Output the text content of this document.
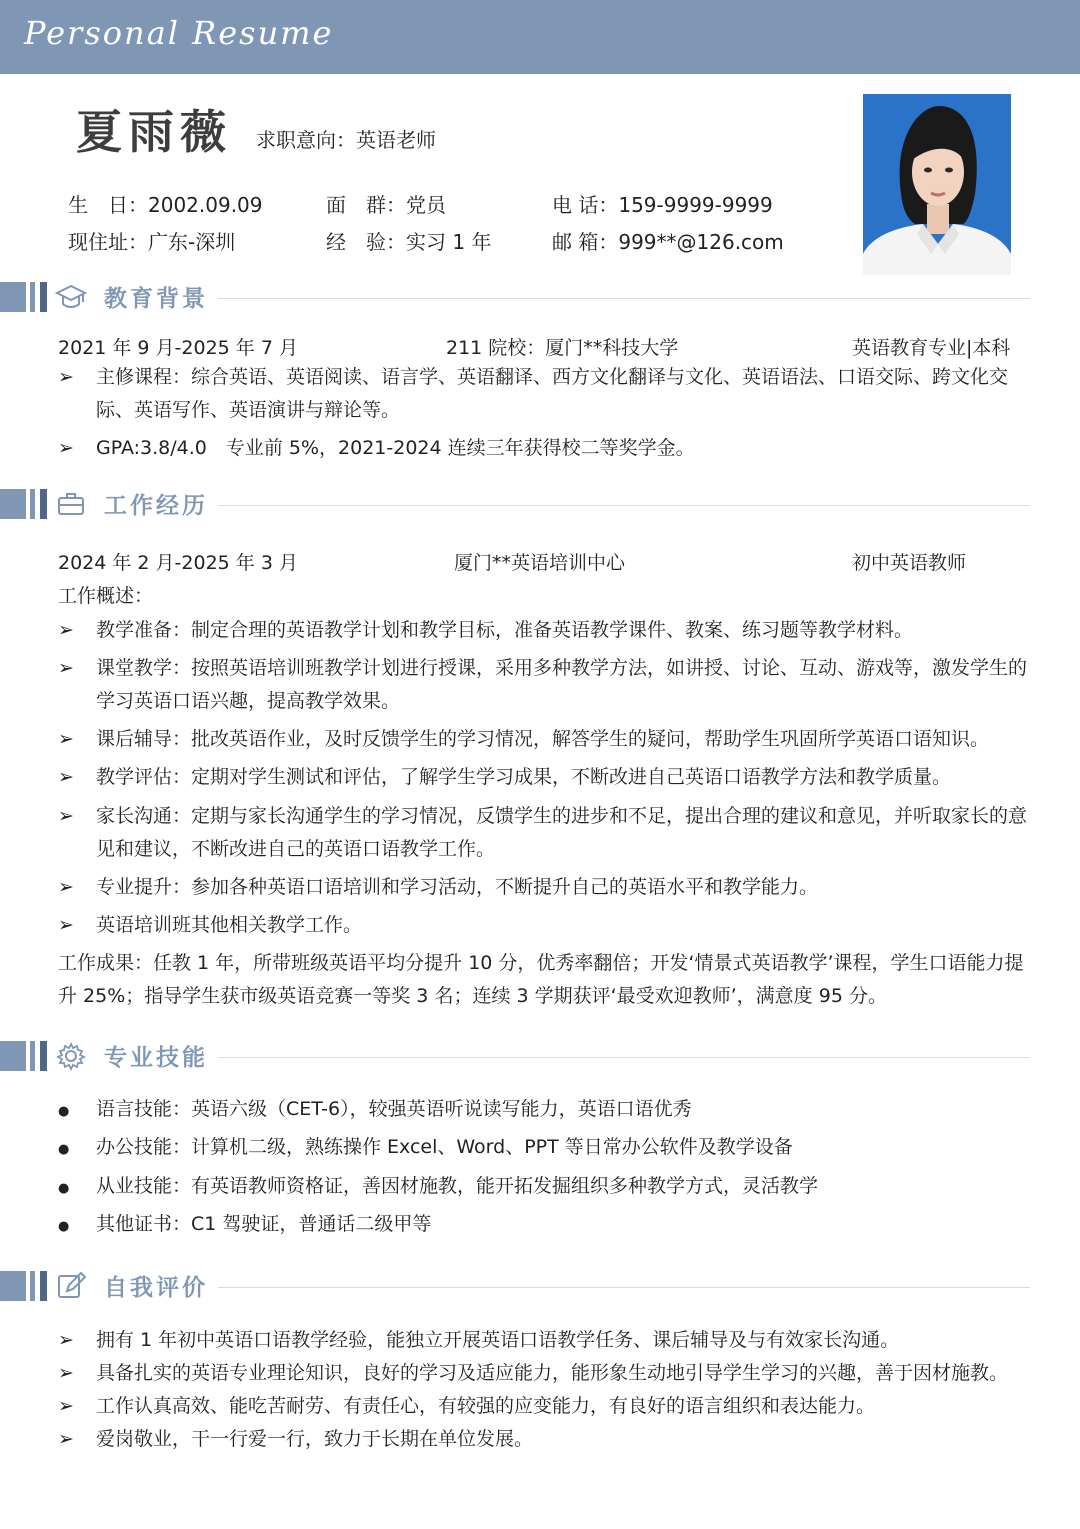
Personal Resume
夏雨薇 求职意向：英语老师
生　日：2002.09.09	面　群：党员	电 话：159-9999-9999
现住址：广东-深圳	经　验：实习 1 年	邮 箱：999**@126.com
教育背景
2021 年 9 月-2025 年 7 月	211 院校：厦门**科技大学	英语教育专业|本科
➢	主修课程：综合英语、英语阅读、语言学、英语翻译、西方文化翻译与文化、英语语法、口语交际、跨文化交际、英语写作、英语演讲与辩论等。
➢	GPA:3.8/4.0　专业前 5%，2021-2024 连续三年获得校二等奖学金。
工作经历
2024 年 2 月-2025 年 3 月	厦门**英语培训中心	初中英语教师
工作概述：
➢	教学准备：制定合理的英语教学计划和教学目标，准备英语教学课件、教案、练习题等教学材料。
➢	课堂教学：按照英语培训班教学计划进行授课，采用多种教学方法，如讲授、讨论、互动、游戏等，激发学生的学习英语口语兴趣，提高教学效果。
➢	课后辅导：批改英语作业，及时反馈学生的学习情况，解答学生的疑问，帮助学生巩固所学英语口语知识。
➢	教学评估：定期对学生测试和评估，了解学生学习成果，不断改进自己英语口语教学方法和教学质量。
➢	家长沟通：定期与家长沟通学生的学习情况，反馈学生的进步和不足，提出合理的建议和意见，并听取家长的意见和建议，不断改进自己的英语口语教学工作。
➢	专业提升：参加各种英语口语培训和学习活动，不断提升自己的英语水平和教学能力。
➢	英语培训班其他相关教学工作。
工作成果：任教 1 年，所带班级英语平均分提升 10 分，优秀率翻倍；开发‘情景式英语教学’课程，学生口语能力提升 25%；指导学生获市级英语竞赛一等奖 3 名；连续 3 学期获评‘最受欢迎教师’，满意度 95 分。
专业技能
●	语言技能：英语六级（CET-6），较强英语听说读写能力，英语口语优秀
●	办公技能：计算机二级，熟练操作 Excel、Word、PPT 等日常办公软件及教学设备
●	从业技能：有英语教师资格证，善因材施教，能开拓发掘组织多种教学方式，灵活教学
●	其他证书：C1 驾驶证，普通话二级甲等
自我评价
➢	拥有 1 年初中英语口语教学经验，能独立开展英语口语教学任务、课后辅导及与有效家长沟通。
➢	具备扎实的英语专业理论知识，良好的学习及适应能力，能形象生动地引导学生学习的兴趣，善于因材施教。
➢	工作认真高效、能吃苦耐劳、有责任心，有较强的应变能力，有良好的语言组织和表达能力。
➢	爱岗敬业，干一行爱一行，致力于长期在单位发展。
